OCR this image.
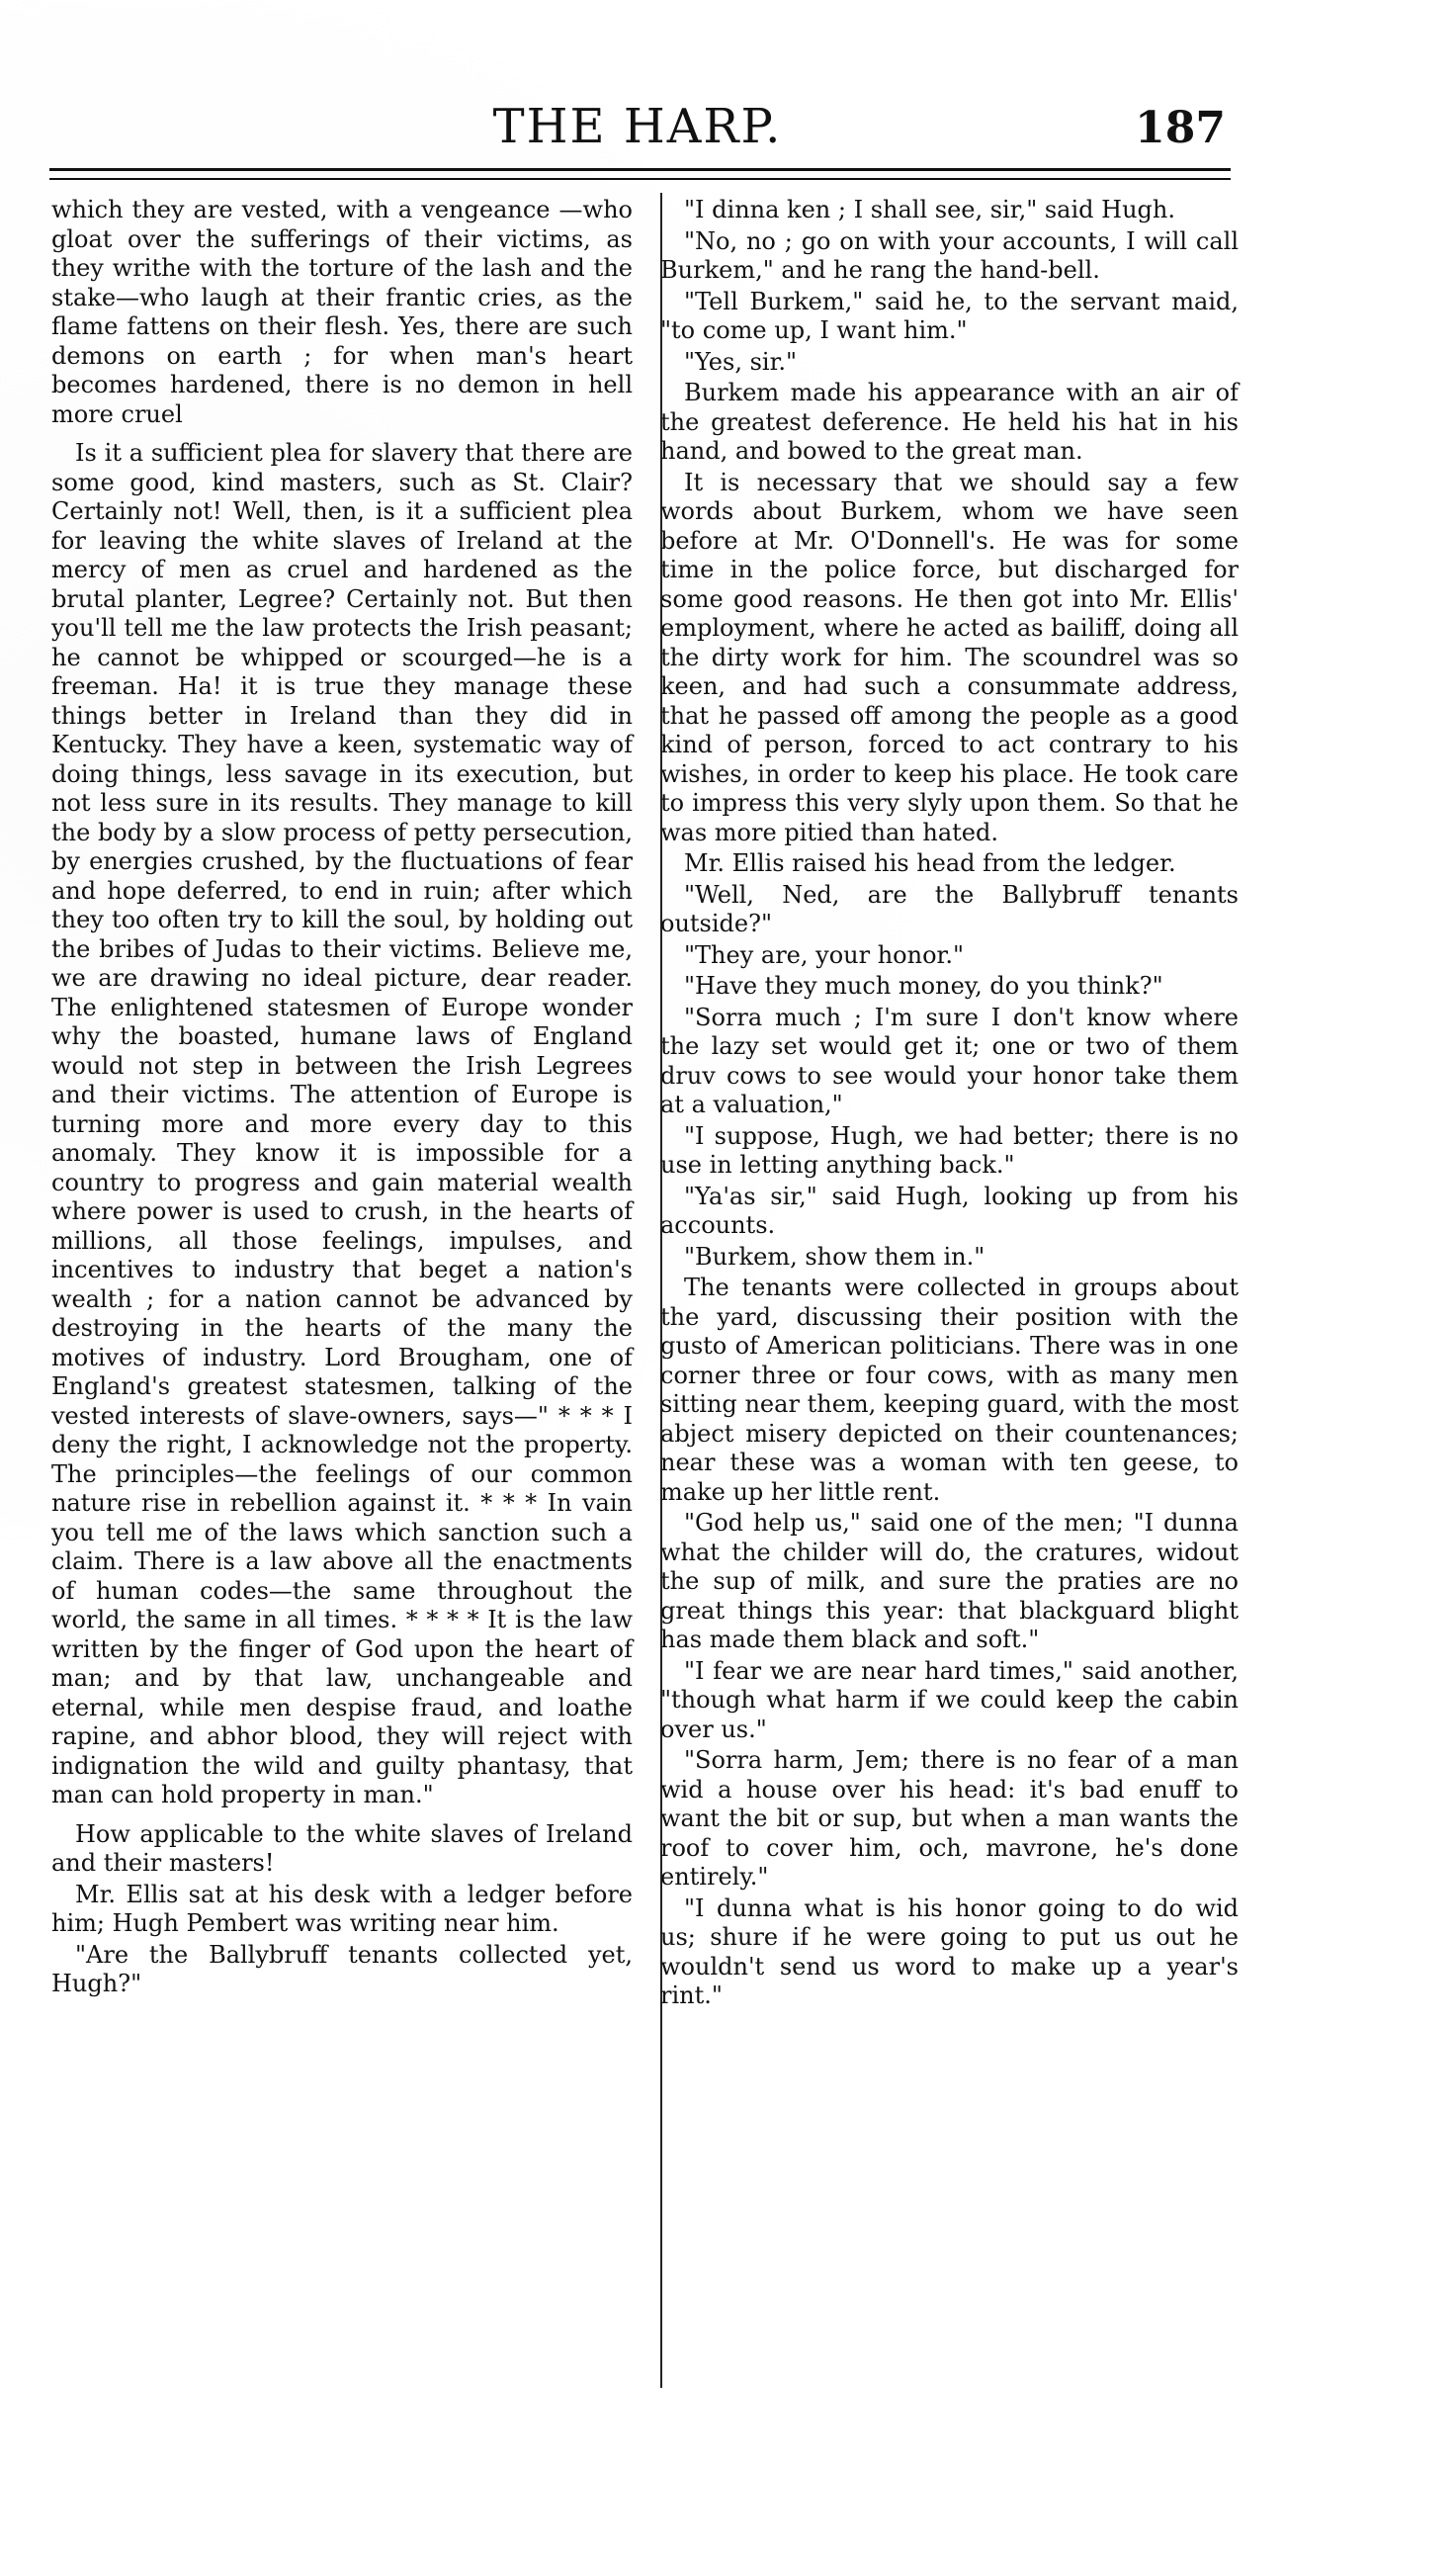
THE HARP.	187

which they are vested, with a vengeance —who gloat over the sufferings of their victims, as they writhe with the torture of the lash and the stake—who laugh at their frantic cries, as the flame fattens on their flesh. Yes, there are such demons on earth ; for when man's heart becomes hardened, there is no demon in hell more cruel

Is it a sufficient plea for slavery that there are some good, kind masters, such as St. Clair? Certainly not! Well, then, is it a sufficient plea for leaving the white slaves of Ireland at the mercy of men as cruel and hardened as the brutal planter, Legree? Certainly not. But then you'll tell me the law protects the Irish peasant; he cannot be whipped or scourged—he is a freeman. Ha! it is true they manage these things better in Ireland than they did in Kentucky. They have a keen, systematic way of doing things, less savage in its execution, but not less sure in its results. They manage to kill the body by a slow process of petty persecution, by energies crushed, by the fluctuations of fear and hope deferred, to end in ruin; after which they too often try to kill the soul, by holding out the bribes of Judas to their victims. Believe me, we are drawing no ideal picture, dear reader. The enlightened statesmen of Europe wonder why the boasted, humane laws of England would not step in between the Irish Legrees and their victims. The attention of Europe is turning more and more every day to this anomaly. They know it is impossible for a country to progress and gain material wealth where power is used to crush, in the hearts of millions, all those feelings, impulses, and incentives to industry that beget a nation's wealth ; for a nation cannot be advanced by destroying in the hearts of the many the motives of industry. Lord Brougham, one of England's greatest statesmen, talking of the vested interests of slave-owners, says—" * * * I deny the right, I acknowledge not the property. The principles—the feelings of our common nature rise in rebellion against it. * * * In vain you tell me of the laws which sanction such a claim. There is a law above all the enactments of human codes—the same throughout the world, the same in all times. * * * * It is the law written by the finger of God upon the heart of man; and by that law, unchangeable and eternal, while men despise fraud, and loathe rapine, and abhor blood, they will reject with indignation the wild and guilty phantasy, that man can hold property in man."

How applicable to the white slaves of Ireland and their masters!

Mr. Ellis sat at his desk with a ledger before him; Hugh Pembert was writing near him.

"Are the Ballybruff tenants collected yet, Hugh?"

"I dinna ken ; I shall see, sir," said Hugh.

"No, no ; go on with your accounts, I will call Burkem," and he rang the hand-bell.

"Tell Burkem," said he, to the servant maid, "to come up, I want him."

"Yes, sir."

Burkem made his appearance with an air of the greatest deference. He held his hat in his hand, and bowed to the great man.

It is necessary that we should say a few words about Burkem, whom we have seen before at Mr. O'Donnell's. He was for some time in the police force, but discharged for some good reasons. He then got into Mr. Ellis' employment, where he acted as bailiff, doing all the dirty work for him. The scoundrel was so keen, and had such a consummate address, that he passed off among the people as a good kind of person, forced to act contrary to his wishes, in order to keep his place. He took care to impress this very slyly upon them. So that he was more pitied than hated.

Mr. Ellis raised his head from the ledger.

"Well, Ned, are the Ballybruff tenants outside?"

"They are, your honor."

"Have they much money, do you think?"

"Sorra much ; I'm sure I don't know where the lazy set would get it; one or two of them druv cows to see would your honor take them at a valuation,"

"I suppose, Hugh, we had better; there is no use in letting anything back."

"Ya'as sir," said Hugh, looking up from his accounts.

"Burkem, show them in."

The tenants were collected in groups about the yard, discussing their position with the gusto of American politicians. There was in one corner three or four cows, with as many men sitting near them, keeping guard, with the most abject misery depicted on their countenances; near these was a woman with ten geese, to make up her little rent.

"God help us," said one of the men; "I dunna what the childer will do, the cratures, widout the sup of milk, and sure the praties are no great things this year: that blackguard blight has made them black and soft."

"I fear we are near hard times," said another, "though what harm if we could keep the cabin over us."

"Sorra harm, Jem; there is no fear of a man wid a house over his head: it's bad enuff to want the bit or sup, but when a man wants the roof to cover him, och, mavrone, he's done entirely."

"I dunna what is his honor going to do wid us; shure if he were going to put us out he wouldn't send us word to make up a year's rint."
